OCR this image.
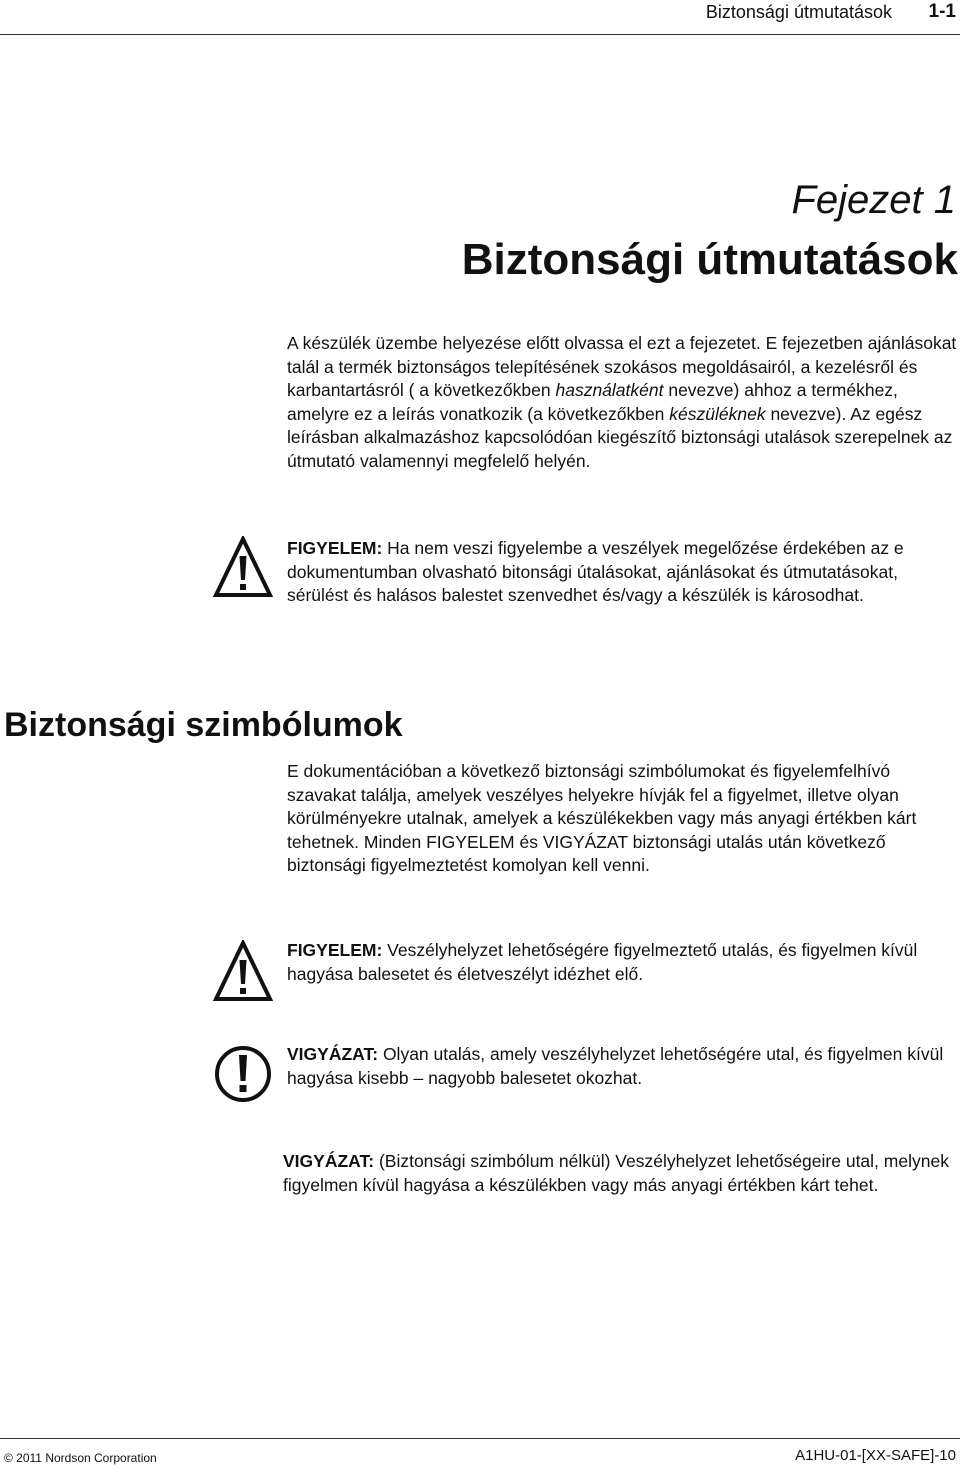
Biztonsági útmutatások	1-1
Fejezet 1
Biztonsági útmutatások
A készülék üzembe helyezése előtt olvassa el ezt a fejezetet. E fejezetben ajánlásokat talál a termék biztonságos telepítésének szokásos megoldásairól, a kezelésről és karbantartásról ( a következőkben használatként nevezve) ahhoz a termékhez, amelyre ez a leírás vonatkozik (a következőkben készüléknek nevezve). Az egész leírásban alkalmazáshoz kapcsolódóan kiegészítő biztonsági utalások szerepelnek az útmutató valamennyi megfelelő helyén.
FIGYELEM: Ha nem veszi figyelembe a veszélyek megelőzése érdekében az e dokumentumban olvasható bitonsági útalásokat, ajánlásokat és útmutatásokat, sérülést és halásos balestet szenvedhet és/vagy a készülék is károsodhat.
Biztonsági szimbólumok
E dokumentációban a következő biztonsági szimbólumokat és figyelemfelhívó szavakat találja, amelyek veszélyes helyekre hívják fel a figyelmet, illetve olyan körülményekre utalnak, amelyek a készülékekben vagy más anyagi értékben kárt tehetnek. Minden FIGYELEM és VIGYÁZAT biztonsági utalás után következő biztonsági figyelmeztetést komolyan kell venni.
FIGYELEM: Veszélyhelyzet lehetőségére figyelmeztető utalás, és figyelmen kívül hagyása balesetet és életveszélyt idézhet elő.
VIGYÁZAT: Olyan utalás, amely veszélyhelyzet lehetőségére utal, és figyelmen kívül hagyása kisebb – nagyobb balesetet okozhat.
VIGYÁZAT: (Biztonsági szimbólum nélkül) Veszélyhelyzet lehetőségeire utal, melynek figyelmen kívül hagyása a készülékben vagy más anyagi értékben kárt tehet.
© 2011 Nordson Corporation	A1HU-01-[XX-SAFE]-10
